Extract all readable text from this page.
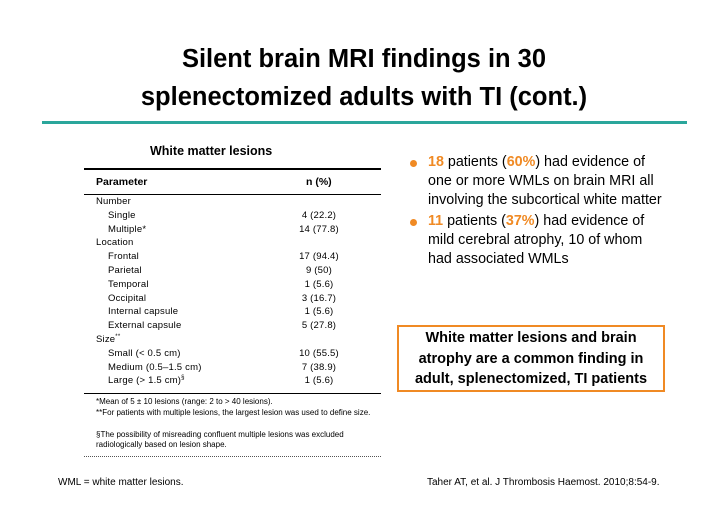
Silent brain MRI findings in 30
splenectomized adults with TI (cont.)
White matter lesions
Parameter	n (%)
Number
Single	4 (22.2)
Multiple*	14 (77.8)
Location
Frontal	17 (94.4)
Parietal	9 (50)
Temporal	1 (5.6)
Occipital	3 (16.7)
Internal capsule	1 (5.6)
External capsule	5 (27.8)
Size**
Small (< 0.5 cm)	10 (55.5)
Medium (0.5–1.5 cm)	7 (38.9)
Large (> 1.5 cm)§	1 (5.6)
*Mean of 5 ± 10 lesions (range: 2 to > 40 lesions).
**For patients with multiple lesions, the largest lesion was used to define size.
§The possibility of misreading confluent multiple lesions was excluded radiologically based on lesion shape.
18 patients (60%) had evidence of one or more WMLs on brain MRI all involving the subcortical white matter
11 patients (37%) had evidence of mild cerebral atrophy, 10 of whom had associated WMLs
White matter lesions and brain atrophy are a common finding in adult, splenectomized, TI patients
WML = white matter lesions.	Taher AT, et al. J Thrombosis Haemost. 2010;8:54-9.
